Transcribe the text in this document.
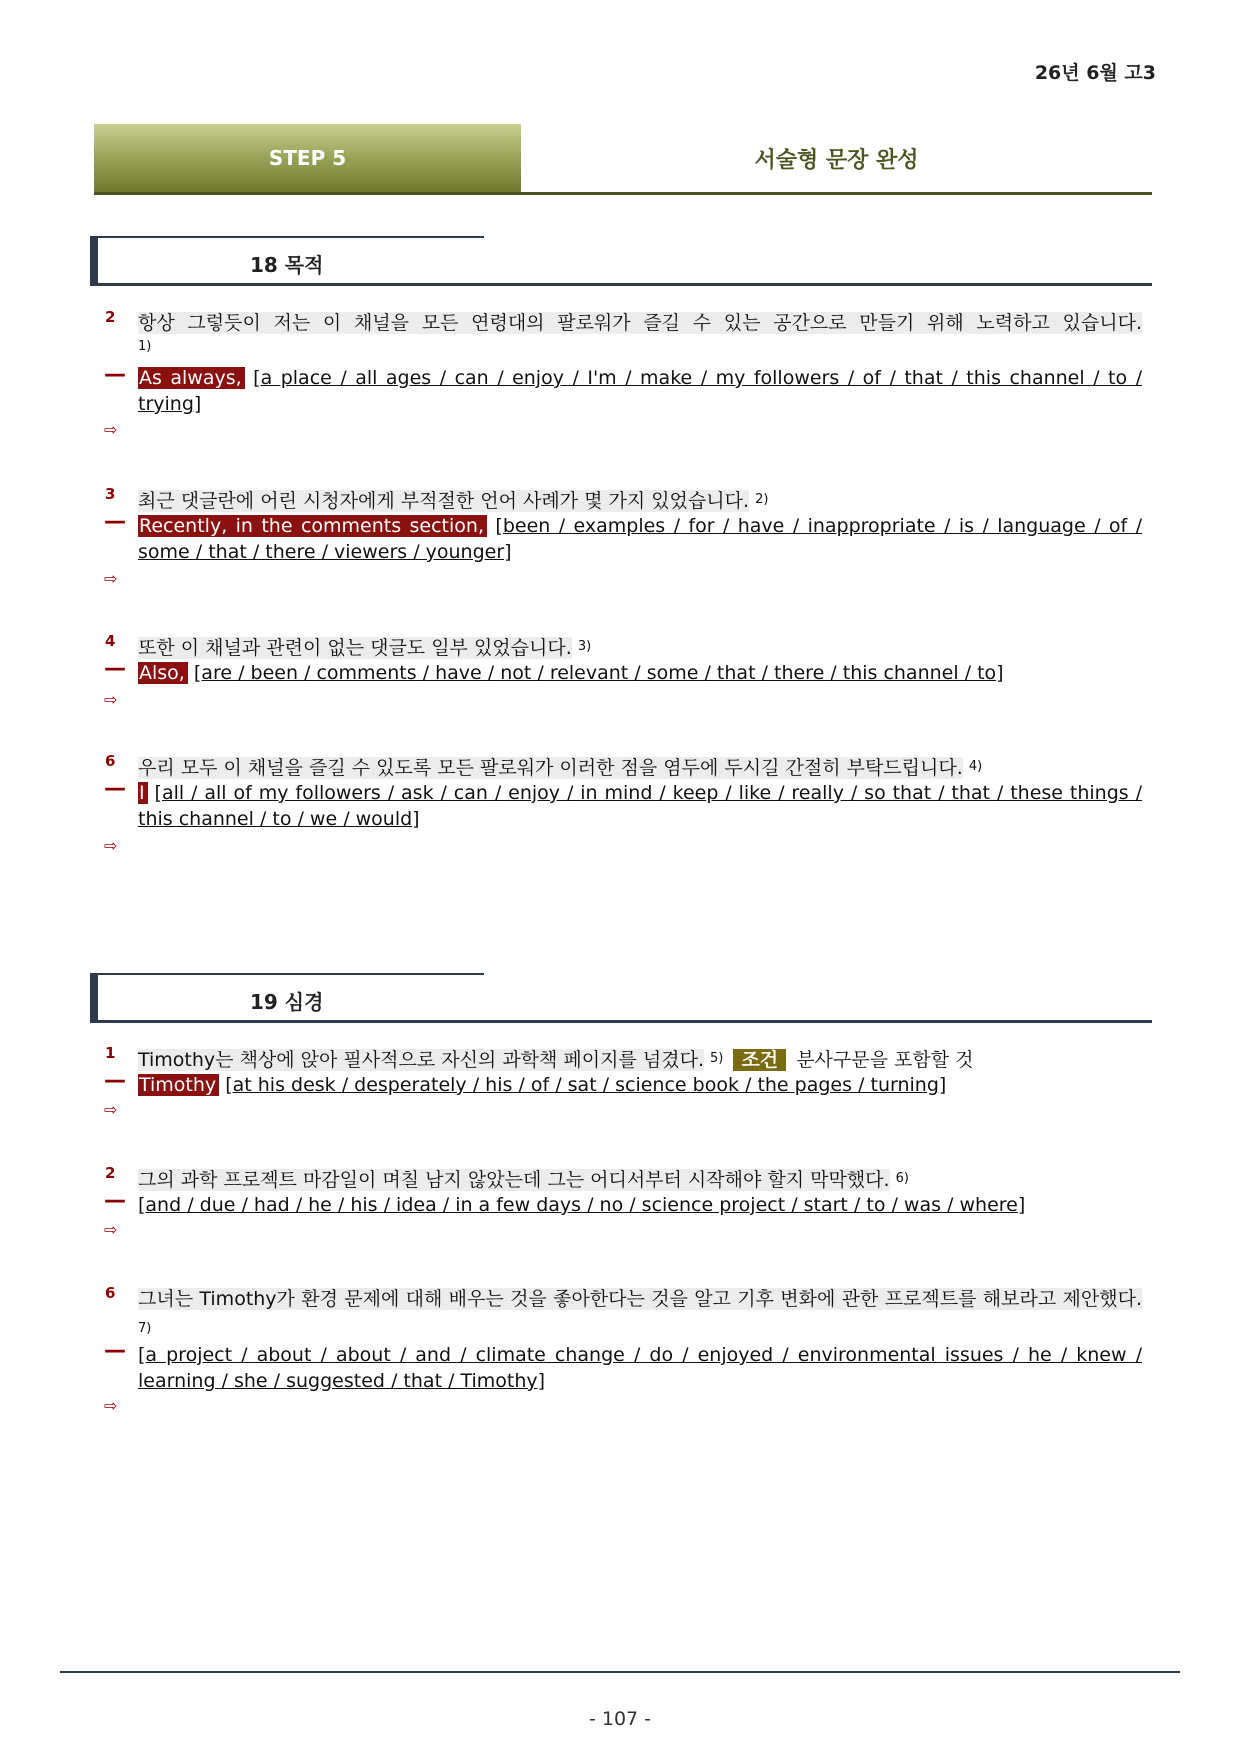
26년 6월 고3
STEP 5	서술형 문장 완성
18 목적
2 항상 그렇듯이 저는 이 채널을 모든 연령대의 팔로워가 즐길 수 있는 공간으로 만들기 위해 노력하고 있습니다.
1)
— As always, [a place / all ages / can / enjoy / I'm / make / my followers / of / that / this channel / to / trying]
⇨
3 최근 댓글란에 어린 시청자에게 부적절한 언어 사례가 몇 가지 있었습니다. $^{2)}$
— Recently, in the comments section, [been / examples / for / have / inappropriate / is / language / of / some / that / there / viewers / younger]
⇨
4 또한 이 채널과 관련이 없는 댓글도 일부 있었습니다. $^{3)}$
— Also, [are / been / comments / have / not / relevant / some / that / there / this channel / to]
⇨
6 우리 모두 이 채널을 즐길 수 있도록 모든 팔로워가 이러한 점을 염두에 두시길 간절히 부탁드립니다. $^{4)}$
— I [all / all of my followers / ask / can / enjoy / in mind / keep / like / really / so that / that / these things / this channel / to / we / would]
⇨
19 심경
1 Timothy는 책상에 앉아 필사적으로 자신의 과학책 페이지를 넘겼다. $^{5)}$ 조건 분사구문을 포함할 것
— Timothy [at his desk / desperately / his / of / sat / science book / the pages / turning]
⇨
2 그의 과학 프로젝트 마감일이 며칠 남지 않았는데 그는 어디서부터 시작해야 할지 막막했다. $^{6)}$
— [and / due / had / he / his / idea / in a few days / no / science project / start / to / was / where]
⇨
6 그녀는 Timothy가 환경 문제에 대해 배우는 것을 좋아한다는 것을 알고 기후 변화에 관한 프로젝트를 해보라고 제안했다. $^{7)}$
— [a project / about / about / and / climate change / do / enjoyed / environmental issues / he / knew / learning / she / suggested / that / Timothy]
⇨
- 107 -
